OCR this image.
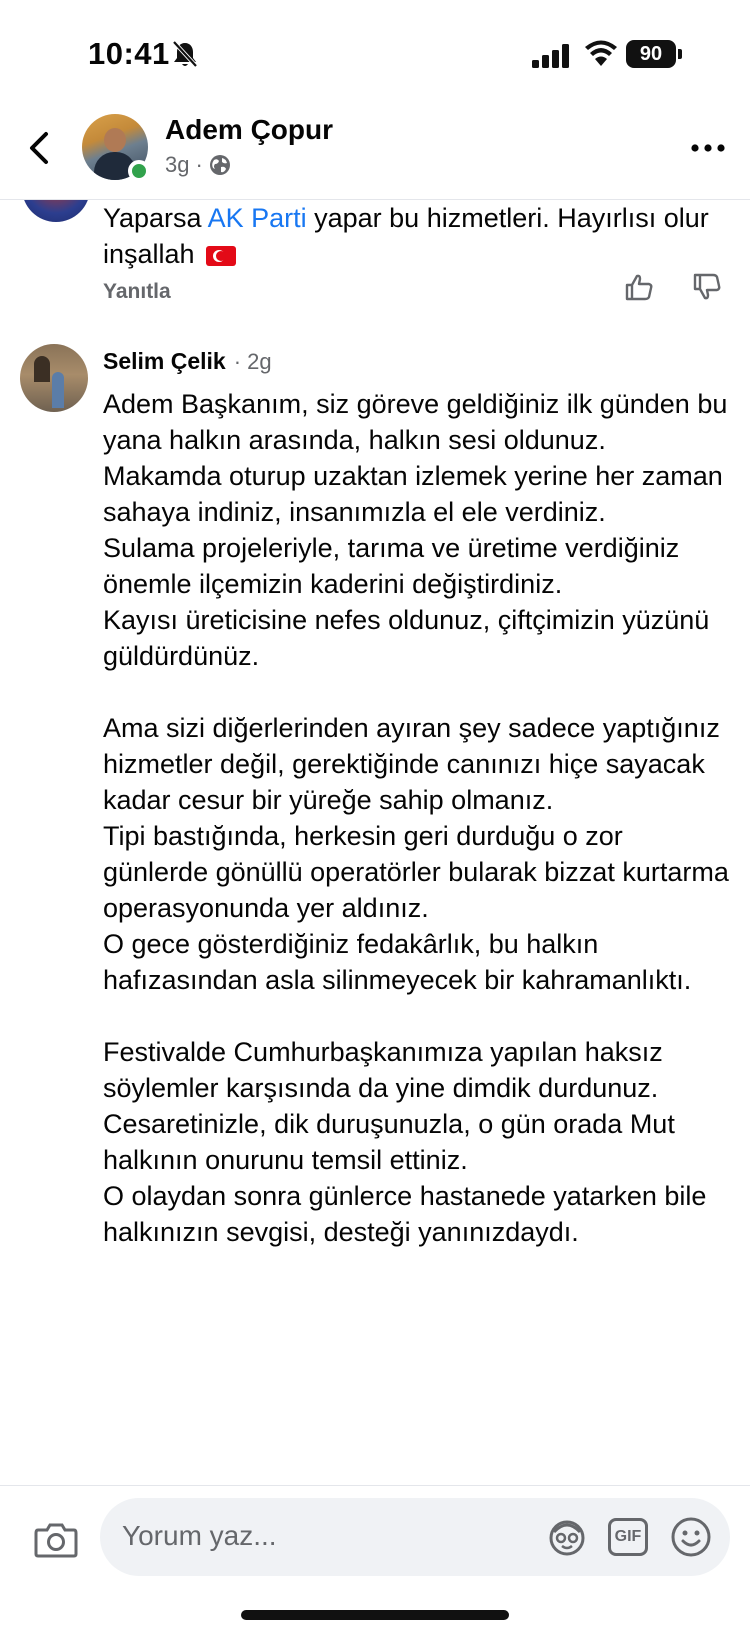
10:41	90
Adem Çopur
3g ·
Yaparsa AK Parti yapar bu hizmetleri. Hayırlısı olur inşallah
Yanıtla
Selim Çelik · 2g

Adem Başkanım, siz göreve geldiğiniz ilk günden bu yana halkın arasında, halkın sesi oldunuz.

Makamda oturup uzaktan izlemek yerine her zaman sahaya indiniz, insanımızla el ele verdiniz.

Sulama projeleriyle, tarıma ve üretime verdiğiniz önemle ilçemizin kaderini değiştirdiniz.

Kayısı üreticisine nefes oldunuz, çiftçimizin yüzünü güldürdünüz.

Ama sizi diğerlerinden ayıran şey sadece yaptığınız hizmetler değil, gerektiğinde canınızı hiçe sayacak kadar cesur bir yüreğe sahip olmanız.

Tipi bastığında, herkesin geri durduğu o zor günlerde gönüllü operatörler bularak bizzat kurtarma operasyonunda yer aldınız.

O gece gösterdiğiniz fedakârlık, bu halkın hafızasından asla silinmeyecek bir kahramanlıktı.

Festivalde Cumhurbaşkanımıza yapılan haksız söylemler karşısında da yine dimdik durdunuz.

Cesaretinizle, dik duruşunuzla, o gün orada Mut halkının onurunu temsil ettiniz.

O olaydan sonra günlerce hastanede yatarken bile halkınızın sevgisi, desteği yanınızdaydı.

Yorum yaz...	GIF
